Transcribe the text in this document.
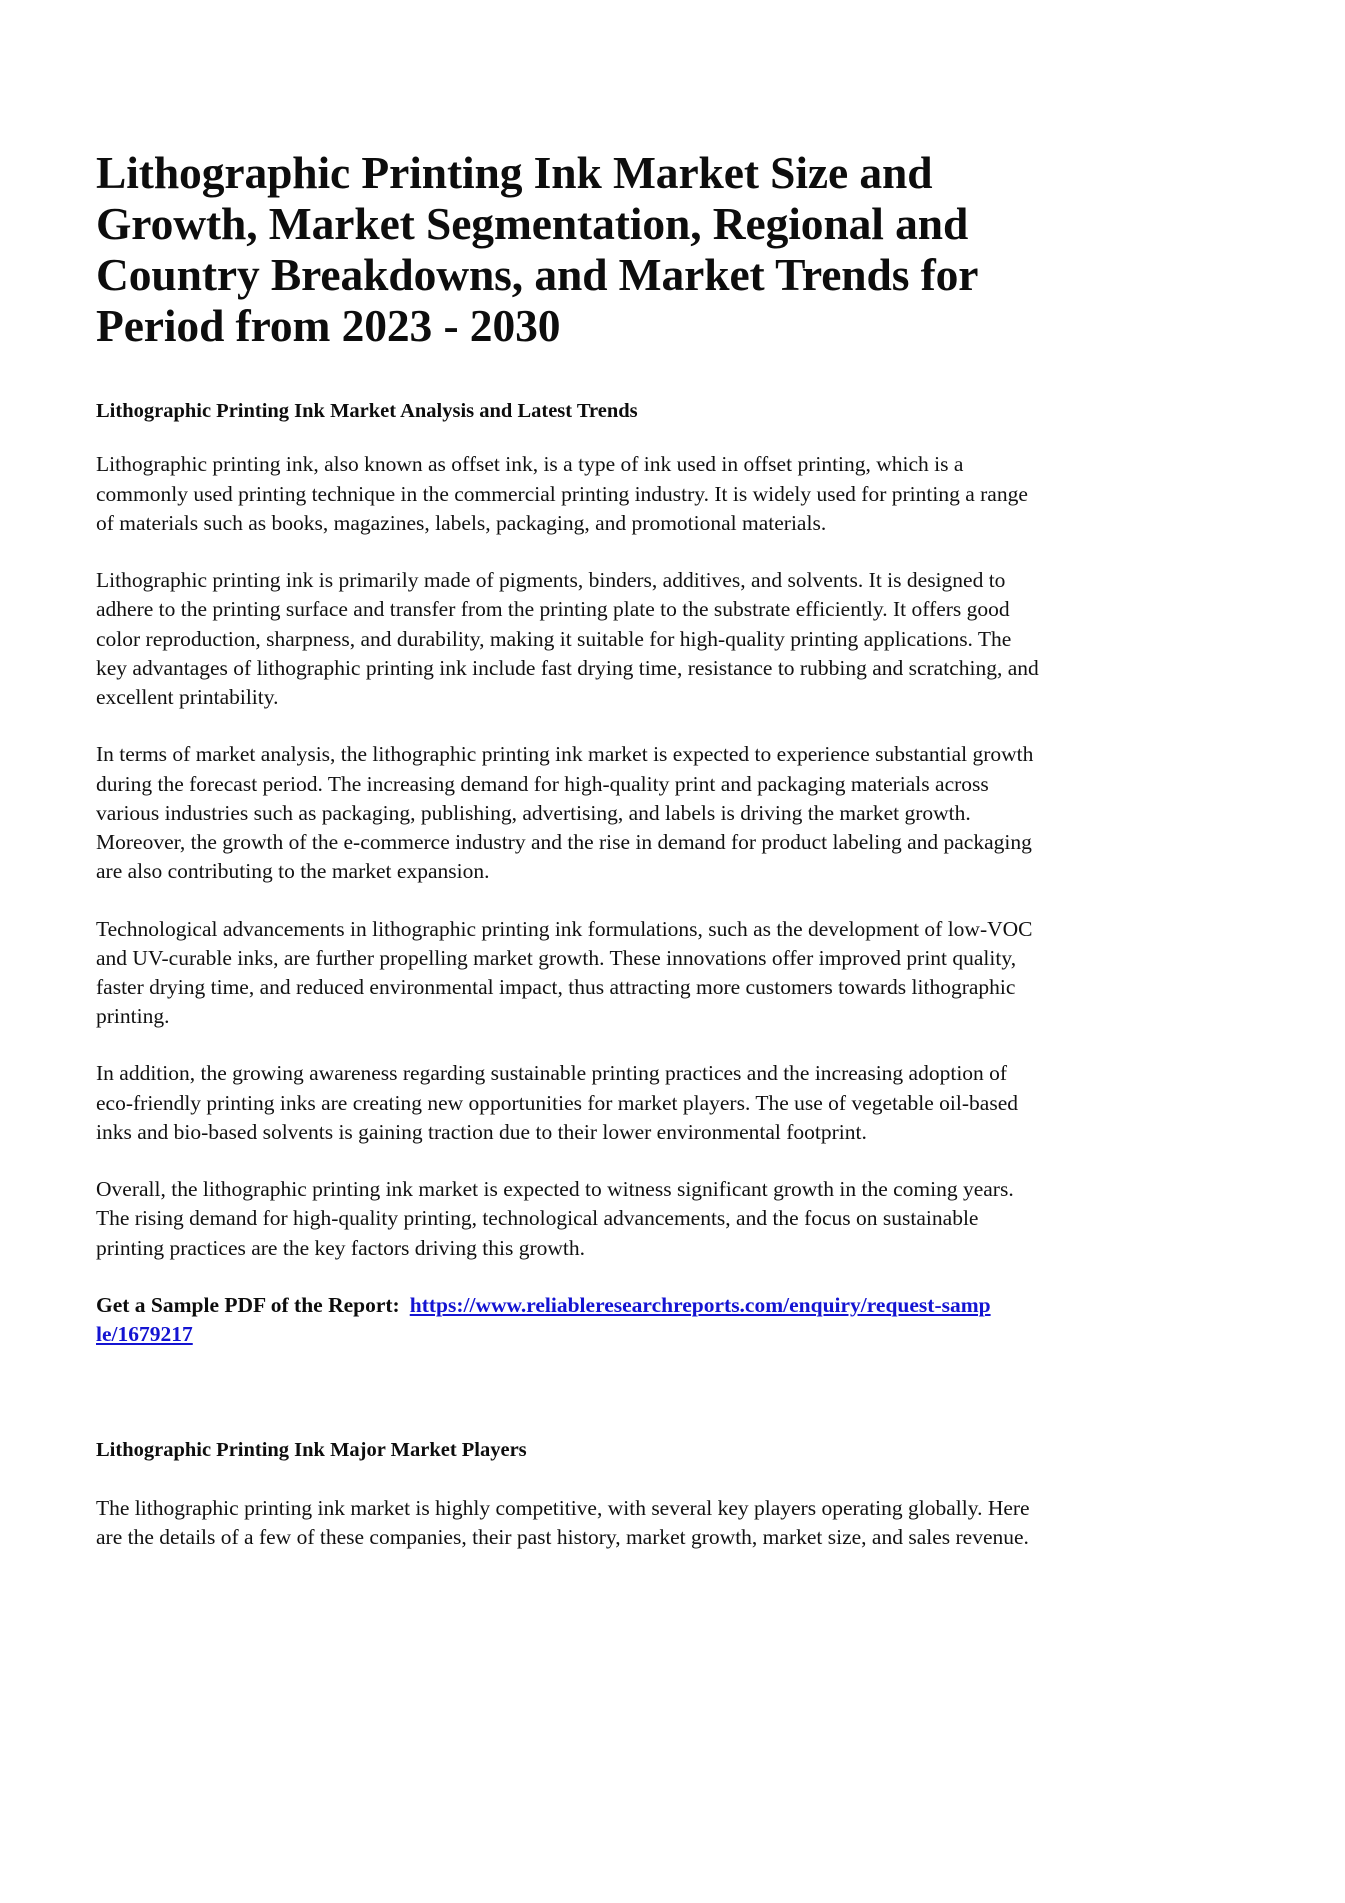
Lithographic Printing Ink Market Size and Growth, Market Segmentation, Regional and Country Breakdowns, and Market Trends for Period from 2023 - 2030
Lithographic Printing Ink Market Analysis and Latest Trends

Lithographic printing ink, also known as offset ink, is a type of ink used in offset printing, which is a commonly used printing technique in the commercial printing industry. It is widely used for printing a range of materials such as books, magazines, labels, packaging, and promotional materials.

Lithographic printing ink is primarily made of pigments, binders, additives, and solvents. It is designed to adhere to the printing surface and transfer from the printing plate to the substrate efficiently. It offers good color reproduction, sharpness, and durability, making it suitable for high-quality printing applications. The key advantages of lithographic printing ink include fast drying time, resistance to rubbing and scratching, and excellent printability.

In terms of market analysis, the lithographic printing ink market is expected to experience substantial growth during the forecast period. The increasing demand for high-quality print and packaging materials across various industries such as packaging, publishing, advertising, and labels is driving the market growth. Moreover, the growth of the e-commerce industry and the rise in demand for product labeling and packaging are also contributing to the market expansion.

Technological advancements in lithographic printing ink formulations, such as the development of low-VOC and UV-curable inks, are further propelling market growth. These innovations offer improved print quality, faster drying time, and reduced environmental impact, thus attracting more customers towards lithographic printing.

In addition, the growing awareness regarding sustainable printing practices and the increasing adoption of eco-friendly printing inks are creating new opportunities for market players. The use of vegetable oil-based inks and bio-based solvents is gaining traction due to their lower environmental footprint.

Overall, the lithographic printing ink market is expected to witness significant growth in the coming years. The rising demand for high-quality printing, technological advancements, and the focus on sustainable printing practices are the key factors driving this growth.

Get a Sample PDF of the Report: https://www.reliableresearchreports.com/enquiry/request-sample/1679217
Lithographic Printing Ink Major Market Players

The lithographic printing ink market is highly competitive, with several key players operating globally. Here are the details of a few of these companies, their past history, market growth, market size, and sales revenue.
